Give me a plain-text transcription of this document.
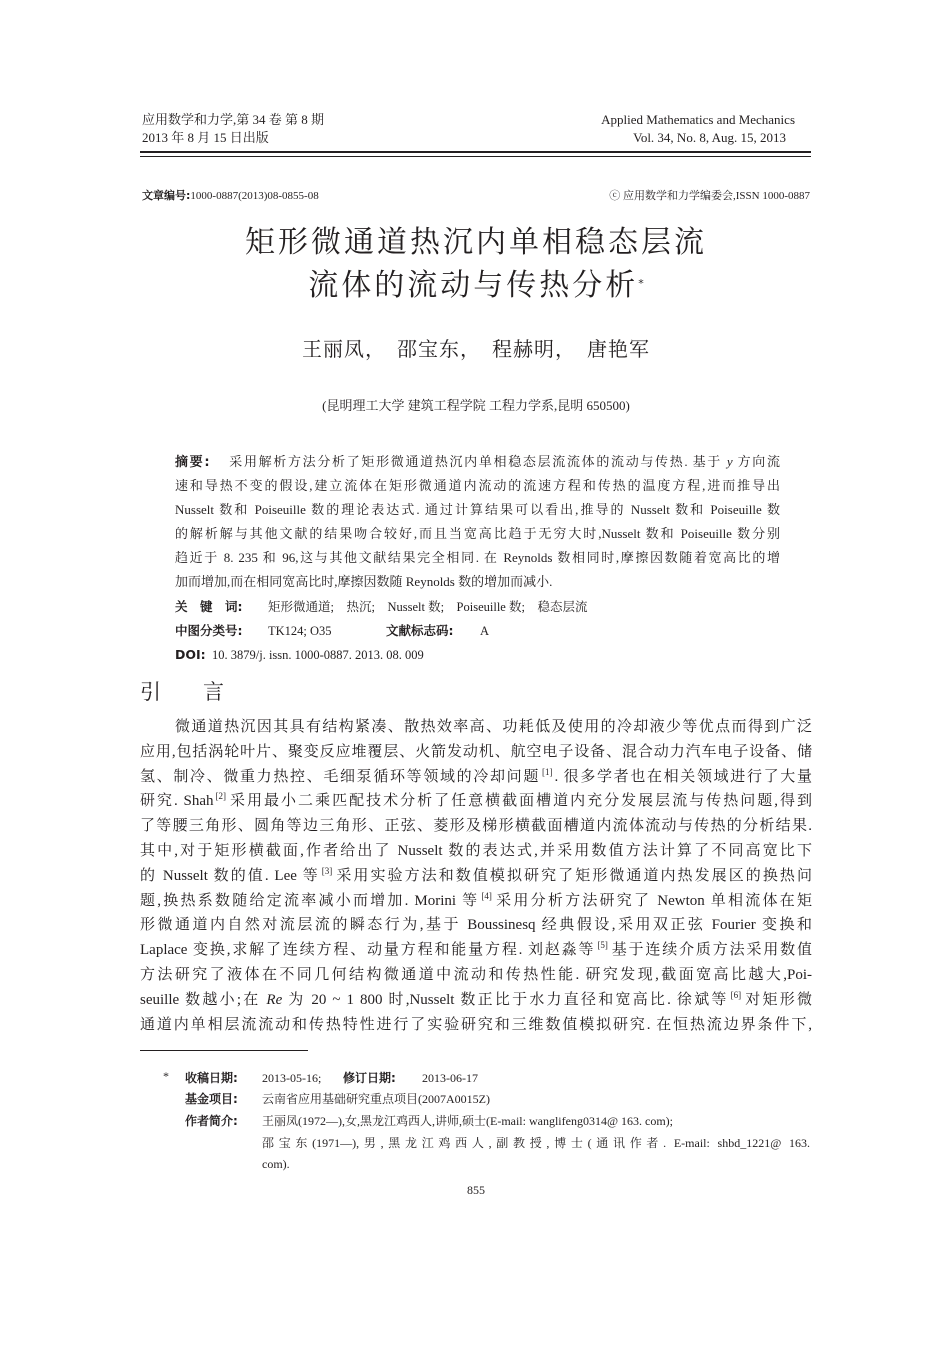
应用数学和力学,第 34 卷 第 8 期
2013 年 8 月 15 日出版
Applied Mathematics and Mechanics
Vol. 34, No. 8, Aug. 15, 2013
文章编号:1000-0887(2013)08-0855-08	ⓒ 应用数学和力学编委会,ISSN 1000-0887
矩形微通道热沉内单相稳态层流
流体的流动与传热分析*
王丽凤，　邵宝东，　程赫明，　唐艳军
(昆明理工大学 建筑工程学院 工程力学系,昆明 650500)
摘要: 采用解析方法分析了矩形微通道热沉内单相稳态层流流体的流动与传热. 基于 y 方向流
速和导热不变的假设,建立流体在矩形微通道内流动的流速方程和传热的温度方程,进而推导出
Nusselt 数和 Poiseuille 数的理论表达式. 通过计算结果可以看出,推导的 Nusselt 数和 Poiseuille 数
的解析解与其他文献的结果吻合较好,而且当宽高比趋于无穷大时,Nusselt 数和 Poiseuille 数分别
趋近于 8. 235 和 96,这与其他文献结果完全相同. 在 Reynolds 数相同时,摩擦因数随着宽高比的增
加而增加,而在相同宽高比时,摩擦因数随 Reynolds 数的增加而减小.
关　键　词: 矩形微通道;　热沉;　Nusselt 数;　Poiseuille 数;　稳态层流
中图分类号: TK124; O35	文献标志码: A
DOI: 10. 3879/j. issn. 1000-0887. 2013. 08. 009
引　　言
微通道热沉因其具有结构紧凑、散热效率高、功耗低及使用的冷却液少等优点而得到广泛
应用,包括涡轮叶片、聚变反应堆覆层、火箭发动机、航空电子设备、混合动力汽车电子设备、储
氢、制冷、微重力热控、毛细泵循环等领域的冷却问题 [1] . 很多学者也在相关领域进行了大量
研究. Shah [2] 采用最小二乘匹配技术分析了任意横截面槽道内充分发展层流与传热问题,得到
了等腰三角形、圆角等边三角形、正弦、菱形及梯形横截面槽道内流体流动与传热的分析结果.
其中,对于矩形横截面,作者给出了 Nusselt 数的表达式,并采用数值方法计算了不同高宽比下
的 Nusselt 数的值. Lee 等 [3] 采用实验方法和数值模拟研究了矩形微通道内热发展区的换热问
题,换热系数随给定流率减小而增加. Morini 等 [4] 采用分析方法研究了 Newton 单相流体在矩
形微通道内自然对流层流的瞬态行为,基于 Boussinesq 经典假设,采用双正弦 Fourier 变换和
Laplace 变换,求解了连续方程、动量方程和能量方程. 刘赵淼等 [5] 基于连续介质方法采用数值
方法研究了液体在不同几何结构微通道中流动和传热性能. 研究发现,截面宽高比越大,Poi-
seuille 数越小;在 Re 为 20 ~ 1 800 时,Nusselt 数正比于水力直径和宽高比. 徐斌等 [6] 对矩形微
通道内单相层流流动和传热特性进行了实验研究和三维数值模拟研究. 在恒热流边界条件下,
* 收稿日期: 2013-05-16; 修订日期: 2013-06-17
基金项目: 云南省应用基础研究重点项目(2007A0015Z)
作者简介: 王丽凤(1972—),女,黑龙江鸡西人,讲师,硕士(E-mail: wanglifeng0314@ 163. com);
邵宝东(1971—),男,黑龙江鸡西人,副教授,博士(通讯作者. E-mail: shbd_1221@ 163.
com).
855
